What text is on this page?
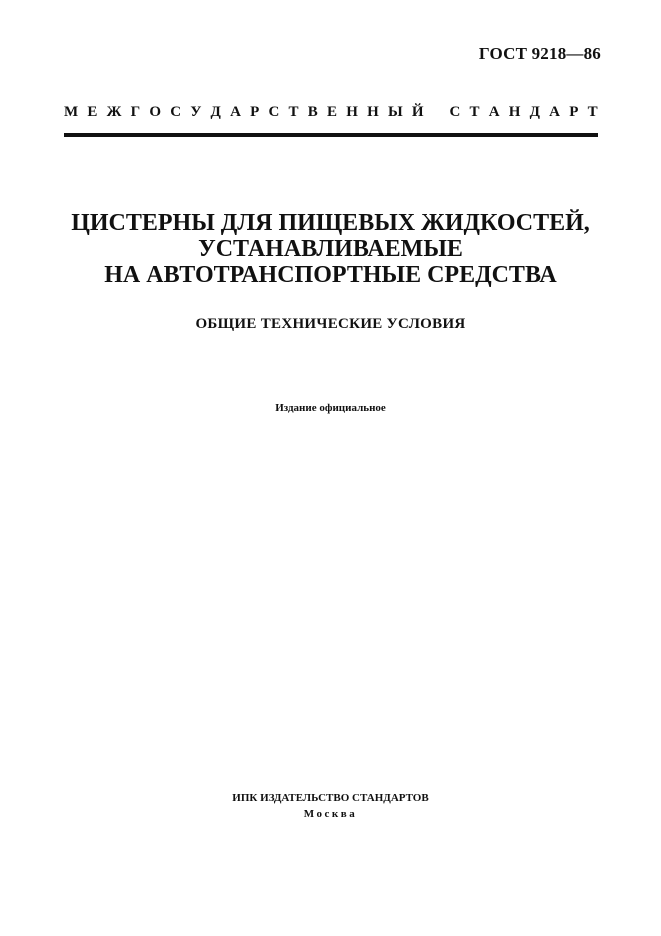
ГОСТ 9218—86
М Е Ж Г О С У Д А Р С Т В Е Н Н Ы Й
С Т А Н Д А Р Т
ЦИСТЕРНЫ ДЛЯ ПИЩЕВЫХ ЖИДКОСТЕЙ,
УСТАНАВЛИВАЕМЫЕ
НА АВТОТРАНСПОРТНЫЕ СРЕДСТВА
ОБЩИЕ ТЕХНИЧЕСКИЕ УСЛОВИЯ
Издание официальное
ИПК ИЗДАТЕЛЬСТВО СТАНДАРТОВ
Москва
